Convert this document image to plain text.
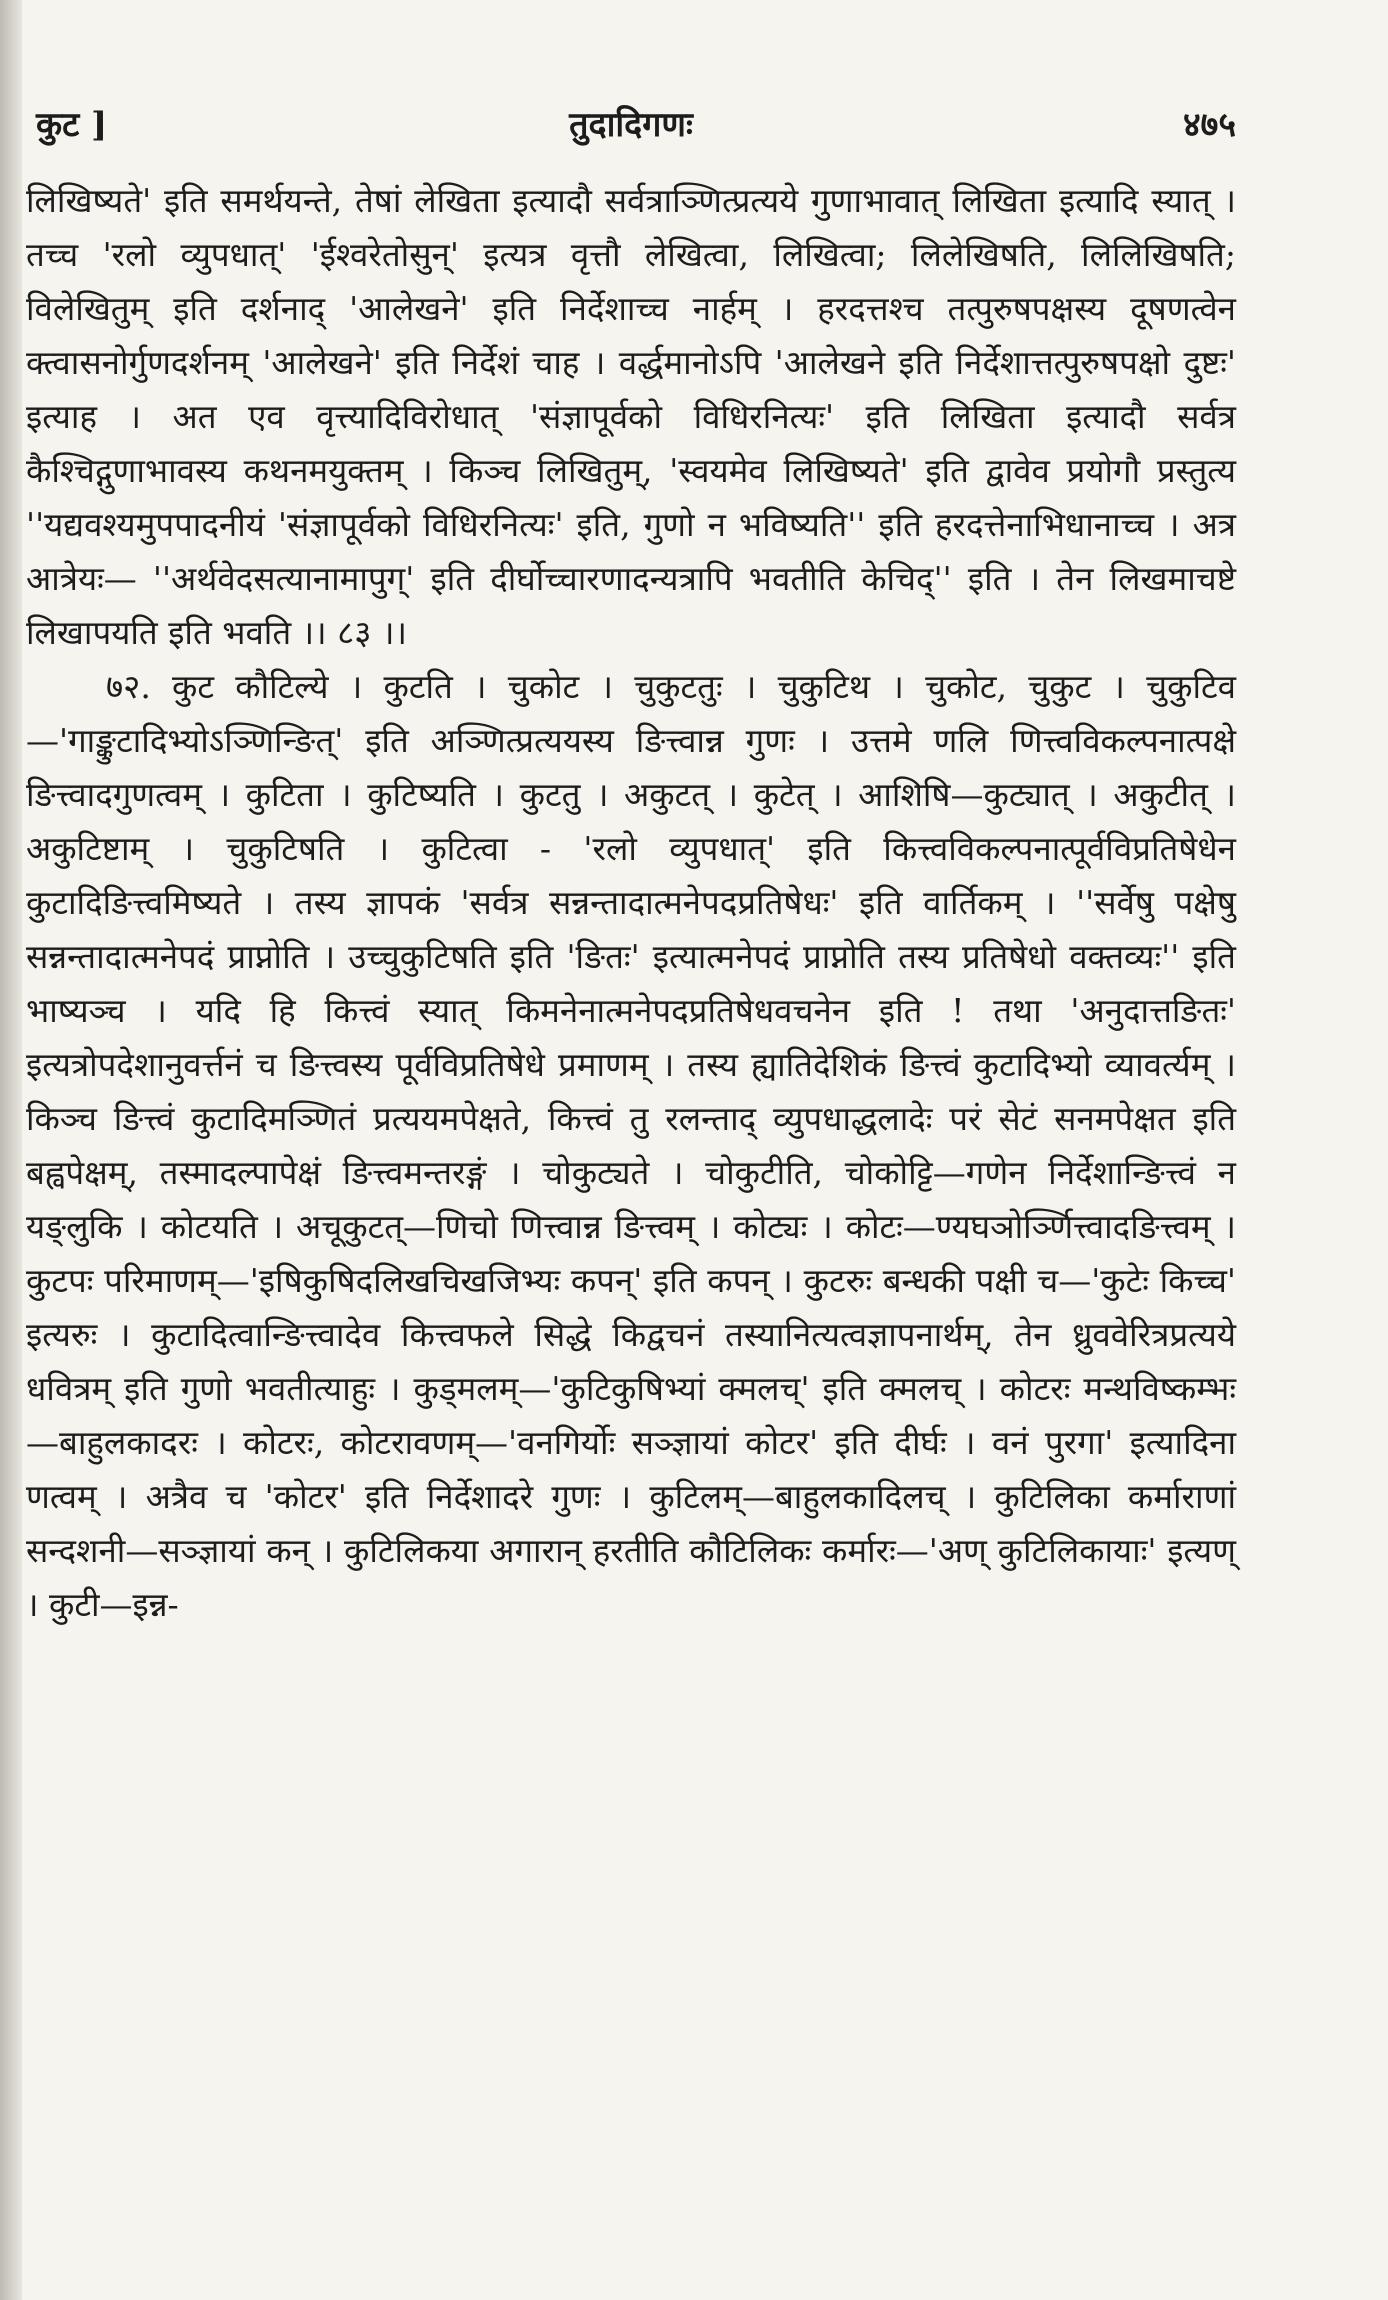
कुट ]	तुदादिगणः	४७५

लिखिष्यते' इति समर्थयन्ते, तेषां लेखिता इत्यादौ सर्वत्राञ्णित्प्रत्यये गुणाभावात् लिखिता इत्यादि स्यात् । तच्च 'रलो व्युपधात्' 'ईश्वरेतोसुन्' इत्यत्र वृत्तौ लेखित्वा, लिखित्वा; लिलेखिषति, लिलिखिषति; विलेखितुम् इति दर्शनाद् 'आलेखने' इति निर्देशाच्च नार्हम् । हरदत्तश्च तत्पुरुषपक्षस्य दूषणत्वेन क्त्वासनोर्गुणदर्शनम् 'आलेखने' इति निर्देशं चाह । वर्द्धमानोऽपि 'आलेखने इति निर्देशात्तत्पुरुषपक्षो दुष्टः' इत्याह । अत एव वृत्त्यादिविरोधात् 'संज्ञापूर्वको विधिरनित्यः' इति लिखिता इत्यादौ सर्वत्र कैश्चिद्गुणाभावस्य कथनमयुक्तम् । किञ्च लिखितुम्, 'स्वयमेव लिखिष्यते' इति द्वावेव प्रयोगौ प्रस्तुत्य ''यद्यवश्यमुपपादनीयं 'संज्ञापूर्वको विधिरनित्यः' इति, गुणो न भविष्यति'' इति हरदत्तेनाभिधानाच्च । अत्र आत्रेयः— ''अर्थवेदसत्यानामापुग्' इति दीर्घोच्चारणादन्यत्रापि भवतीति केचिद्'' इति । तेन लिखमाचष्टे लिखापयति इति भवति ।। ८३ ।।

७२. कुट कौटिल्ये । कुटति । चुकोट । चुकुटतुः । चुकुटिथ । चुकोट, चुकुट । चुकुटिव—'गाङ्कुटादिभ्योऽञ्णिन्ङित्' इति अञ्णित्प्रत्ययस्य ङित्त्वान्न गुणः । उत्तमे णलि णित्त्वविकल्पनात्पक्षे ङित्त्वादगुणत्वम् । कुटिता । कुटिष्यति । कुटतु । अकुटत् । कुटेत् । आशिषि—कुट्यात् । अकुटीत् । अकुटिष्टाम् । चुकुटिषति । कुटित्वा - 'रलो व्युपधात्' इति कित्त्वविकल्पनात्पूर्वविप्रतिषेधेन कुटादिङित्त्वमिष्यते । तस्य ज्ञापकं 'सर्वत्र सन्नन्तादात्मनेपदप्रतिषेधः' इति वार्तिकम् । ''सर्वेषु पक्षेषु सन्नन्तादात्मनेपदं प्राप्नोति । उच्चुकुटिषति इति 'ङितः' इत्यात्मनेपदं प्राप्नोति तस्य प्रतिषेधो वक्तव्यः'' इति भाष्यञ्च । यदि हि कित्त्वं स्यात् किमनेनात्मनेपदप्रतिषेधवचनेन इति ! तथा 'अनुदात्तङितः' इत्यत्रोपदेशानुवर्त्तनं च ङित्त्वस्य पूर्वविप्रतिषेधे प्रमाणम् । तस्य ह्यातिदेशिकं ङित्त्वं कुटादिभ्यो व्यावर्त्यम् । किञ्च ङित्त्वं कुटादिमञ्णितं प्रत्ययमपेक्षते, कित्त्वं तु रलन्ताद् व्युपधाद्धलादेः परं सेटं सनमपेक्षत इति बह्वपेक्षम्, तस्मादल्पापेक्षं ङित्त्वमन्तरङ्गं । चोकुट्यते । चोकुटीति, चोकोट्टि—गणेन निर्देशान्ङित्त्वं न यङ्लुकि । कोटयति । अचूकुटत्—णिचो णित्त्वान्न ङित्त्वम् । कोट्यः । कोटः—ण्यघञोर्ञ्णित्त्वादङित्त्वम् । कुटपः परिमाणम्—'इषिकुषिदलिखचिखजिभ्यः कपन्' इति कपन् । कुटरुः बन्धकी पक्षी च—'कुटेः किच्च' इत्यरुः । कुटादित्वान्ङित्त्वादेव कित्त्वफले सिद्धे किद्वचनं तस्यानित्यत्वज्ञापनार्थम्, तेन ध्रुववेरित्रप्रत्यये धवित्रम् इति गुणो भवतीत्याहुः । कुड्मलम्—'कुटिकुषिभ्यां क्मलच्' इति क्मलच् । कोटरः मन्थविष्कम्भः—बाहुलकादरः । कोटरः, कोटरावणम्—'वनगिर्योः सञ्ज्ञायां कोटर' इति दीर्घः । वनं पुरगा' इत्यादिना णत्वम् । अत्रैव च 'कोटर' इति निर्देशादरे गुणः । कुटिलम्—बाहुलकादिलच् । कुटिलिका कर्माराणां सन्दशनी—सञ्ज्ञायां कन् । कुटिलिकया अगारान् हरतीति कौटिलिकः कर्मारः—'अण् कुटिलिकायाः' इत्यण् । कुटी—इन्न-
